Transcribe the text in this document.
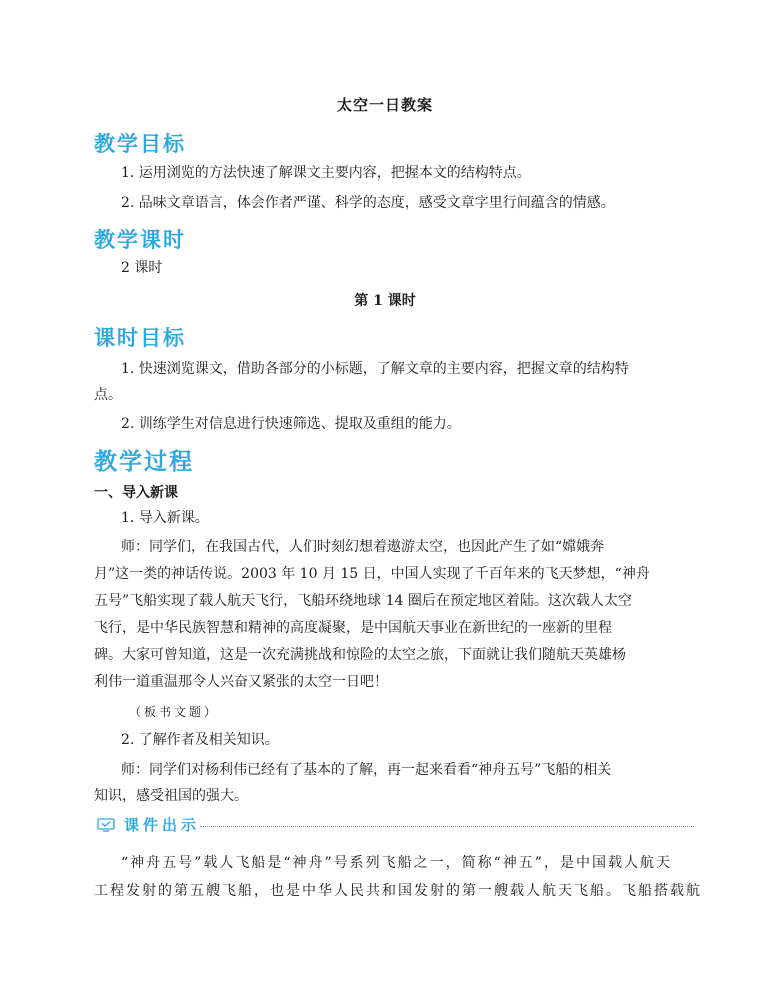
太空一日教案
教学目标
1. 运用浏览的方法快速了解课文主要内容，把握本文的结构特点。
2. 品味文章语言，体会作者严谨、科学的态度，感受文章字里行间蕴含的情感。
教学课时
2 课时
第 1 课时
课时目标
1. 快速浏览课文，借助各部分的小标题，了解文章的主要内容，把握文章的结构特
点。
2. 训练学生对信息进行快速筛选、提取及重组的能力。
教学过程
一、导入新课
1. 导入新课。
师：同学们，在我国古代，人们时刻幻想着遨游太空，也因此产生了如“嫦娥奔
月”这一类的神话传说。2003 年 10 月 15 日，中国人实现了千百年来的飞天梦想，“神舟
五号”飞船实现了载人航天飞行，飞船环绕地球 14 圈后在预定地区着陆。这次载人太空
飞行，是中华民族智慧和精神的高度凝聚，是中国航天事业在新世纪的一座新的里程
碑。大家可曾知道，这是一次充满挑战和惊险的太空之旅，下面就让我们随航天英雄杨
利伟一道重温那令人兴奋又紧张的太空一日吧！
（板书文题）
2. 了解作者及相关知识。
师：同学们对杨利伟已经有了基本的了解，再一起来看看“神舟五号”飞船的相关
知识，感受祖国的强大。
课件出示
“神舟五号”载人飞船是“神舟”号系列飞船之一，简称“神五”，是中国载人航天
工程发射的第五艘飞船，也是中华人民共和国发射的第一艘载人航天飞船。飞船搭载航
